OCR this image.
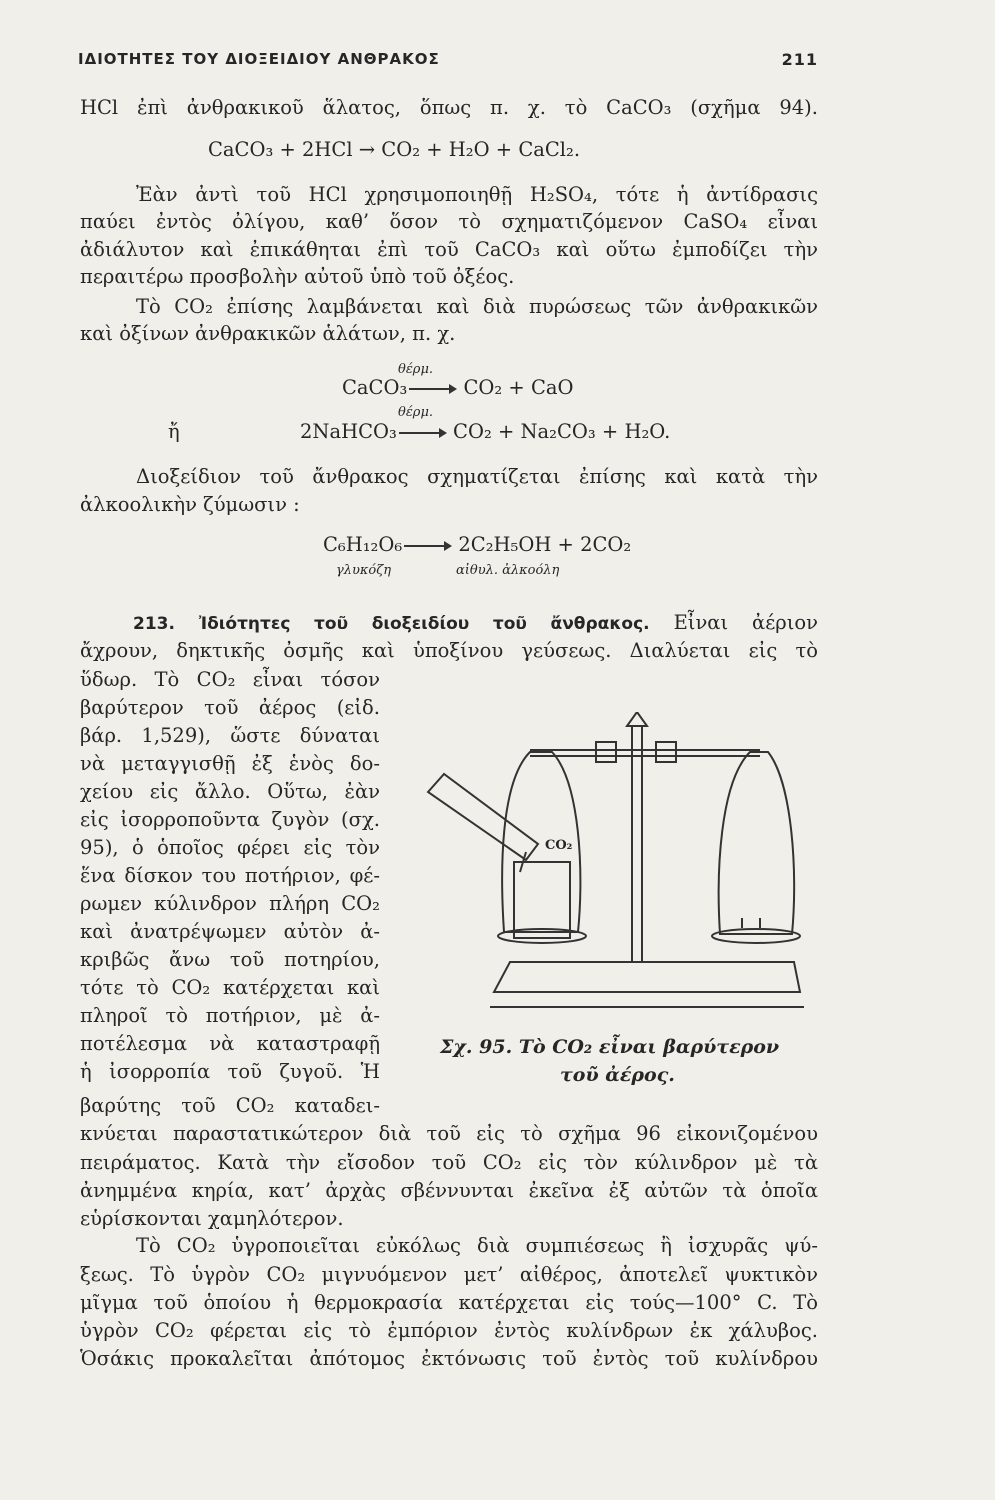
ΙΔΙΟΤΗΤΕΣ ΤΟΥ ΔΙΟΞΕΙΔΙΟΥ ΑΝΘΡΑΚΟΣ	211
HCl ἐπὶ ἀνθρακικοῦ ἅλατος, ὅπως π. χ. τὸ CaCO₃ (σχῆμα 94).
CaCO₃ + 2HCl → CO₂ + H₂O + CaCl₂.
Ἐὰν ἀντὶ τοῦ HCl χρησιμοποιηθῇ H₂SO₄, τότε ἡ ἀντίδρασις
παύει ἐντὸς ὀλίγου, καθ’ ὅσον τὸ σχηματιζόμενον CaSO₄ εἶναι
ἀδιάλυτον καὶ ἐπικάθηται ἐπὶ τοῦ CaCO₃ καὶ οὕτω ἐμποδίζει τὴν
περαιτέρω προσβολὴν αὐτοῦ ὑπὸ τοῦ ὀξέος.
Τὸ CO₂ ἐπίσης λαμβάνεται καὶ διὰ πυρώσεως τῶν ἀνθρακικῶν
καὶ ὀξίνων ἀνθρακικῶν ἁλάτων, π. χ.
θέρμ.
CaCO₃ → CO₂ + CaO
θέρμ.
ἤ	2NaHCO₃ → CO₂ + Na₂CO₃ + H₂O.
Διοξείδιον τοῦ ἄνθρακος σχηματίζεται ἐπίσης καὶ κατὰ τὴν
ἀλκοολικὴν ζύμωσιν :
C₆H₁₂O₆ → 2C₂H₅OH + 2CO₂
γλυκόζη	αἰθυλ. ἀλκοόλη
213. Ἰδιότητες τοῦ διοξειδίου τοῦ ἄνθρακος. Εἶναι ἀέριον
ἄχρουν, δηκτικῆς ὀσμῆς καὶ ὑποξίνου γεύσεως. Διαλύεται εἰς τὸ
ὕδωρ. Τὸ CO₂ εἶναι τόσον
βαρύτερον τοῦ ἀέρος (εἰδ.
βάρ. 1,529), ὥστε δύναται
νὰ μεταγγισθῇ ἐξ ἑνὸς δο-
χείου εἰς ἄλλο. Οὕτω, ἐὰν
εἰς ἰσορροποῦντα ζυγὸν (σχ.
95), ὁ ὁποῖος φέρει εἰς τὸν
ἕνα δίσκον του ποτήριον, φέ-
ρωμεν κύλινδρον πλήρη CO₂
καὶ ἀνατρέψωμεν αὐτὸν ἀ-
κριβῶς ἄνω τοῦ ποτηρίου,
τότε τὸ CO₂ κατέρχεται καὶ
πληροῖ τὸ ποτήριον, μὲ ἀ-
ποτέλεσμα νὰ καταστραφῇ
ἡ ἰσορροπία τοῦ ζυγοῦ. Ἡ
βαρύτης τοῦ CO₂ καταδει-
CO₂
Σχ. 95. Τὸ CO₂ εἶναι βαρύτερον
τοῦ ἀέρος.
κνύεται παραστατικώτερον διὰ τοῦ εἰς τὸ σχῆμα 96 εἰκονιζομένου
πειράματος. Κατὰ τὴν εἴσοδον τοῦ CO₂ εἰς τὸν κύλινδρον μὲ τὰ
ἀνημμένα κηρία, κατ’ ἀρχὰς σβέννυνται ἐκεῖνα ἐξ αὐτῶν τὰ ὁποῖα
εὑρίσκονται χαμηλότερον.
Τὸ CO₂ ὑγροποιεῖται εὐκόλως διὰ συμπιέσεως ἢ ἰσχυρᾶς ψύ-
ξεως. Τὸ ὑγρὸν CO₂ μιγνυόμενον μετ’ αἰθέρος, ἀποτελεῖ ψυκτικὸν
μῖγμα τοῦ ὁποίου ἡ θερμοκρασία κατέρχεται εἰς τούς—100° C. Τὸ
ὑγρὸν CO₂ φέρεται εἰς τὸ ἐμπόριον ἐντὸς κυλίνδρων ἐκ χάλυβος.
Ὁσάκις προκαλεῖται ἀπότομος ἐκτόνωσις τοῦ ἐντὸς τοῦ κυλίνδρου
